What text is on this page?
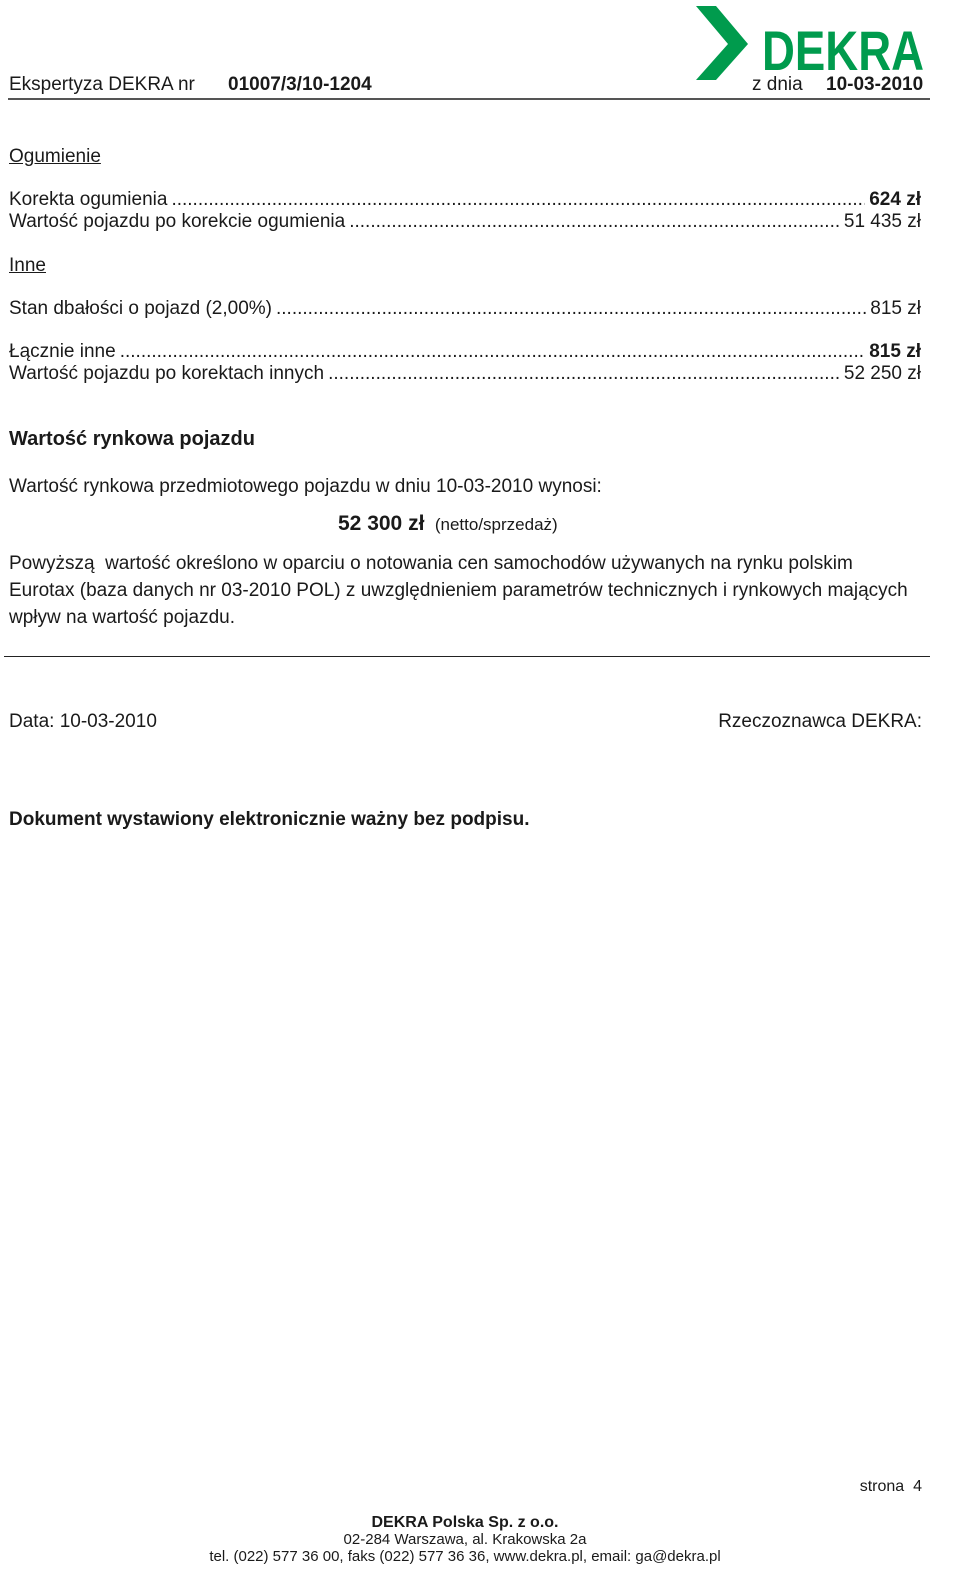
Ekspertyza DEKRA nr 01007/3/10-1204	z dnia 10-03-2010
DEKRA
Ogumienie
Korekta ogumienia .....	624 zł
Wartość pojazdu po korekcie ogumienia .....	51 435 zł
Inne
Stan dbałości o pojazd (2,00%) .....	815 zł
Łącznie inne .....	815 zł
Wartość pojazdu po korektach innych .....	52 250 zł
Wartość rynkowa pojazdu
Wartość rynkowa przedmiotowego pojazdu w dniu 10-03-2010 wynosi:
52 300 zł (netto/sprzedaż)
Powyższą  wartość określono w oparciu o notowania cen samochodów używanych na rynku polskim
Eurotax (baza danych nr 03-2010 POL) z uwzględnieniem parametrów technicznych i rynkowych mających
wpływ na wartość pojazdu.
Data: 10-03-2010	Rzeczoznawca DEKRA:
Dokument wystawiony elektronicznie ważny bez podpisu.
strona  4
DEKRA Polska Sp. z o.o.
02-284 Warszawa, al. Krakowska 2a
tel. (022) 577 36 00, faks (022) 577 36 36, www.dekra.pl, email: ga@dekra.pl
